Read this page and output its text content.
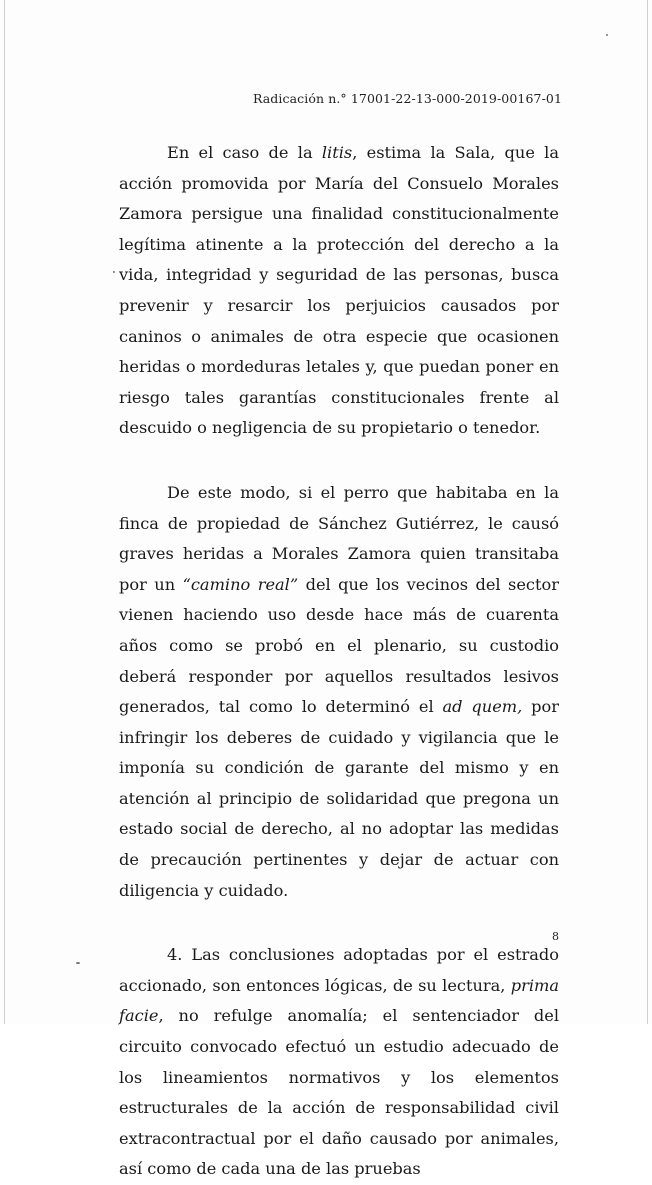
Radicación n.° 17001-22-13-000-2019-00167-01

En el caso de la litis, estima la Sala, que la acción promovida por María del Consuelo Morales Zamora persigue una finalidad constitucionalmente legítima atinente a la protección del derecho a la vida, integridad y seguridad de las personas, busca prevenir y resarcir los perjuicios causados por caninos o animales de otra especie que ocasionen heridas o mordeduras letales y, que puedan poner en riesgo tales garantías constitucionales frente al descuido o negligencia de su propietario o tenedor.

De este modo, si el perro que habitaba en la finca de propiedad de Sánchez Gutiérrez, le causó graves heridas a Morales Zamora quien transitaba por un “camino real” del que los vecinos del sector vienen haciendo uso desde hace más de cuarenta años como se probó en el plenario, su custodio deberá responder por aquellos resultados lesivos generados, tal como lo determinó el ad quem, por infringir los deberes de cuidado y vigilancia que le imponía su condición de garante del mismo y en atención al principio de solidaridad que pregona un estado social de derecho, al no adoptar las medidas de precaución pertinentes y dejar de actuar con diligencia y cuidado.

4. Las conclusiones adoptadas por el estrado accionado, son entonces lógicas, de su lectura, prima facie, no refulge anomalía; el sentenciador del circuito convocado efectuó un estudio adecuado de los lineamientos normativos y los elementos estructurales de la acción de responsabilidad civil extracontractual por el daño causado por animales, así como de cada una de las pruebas

8
